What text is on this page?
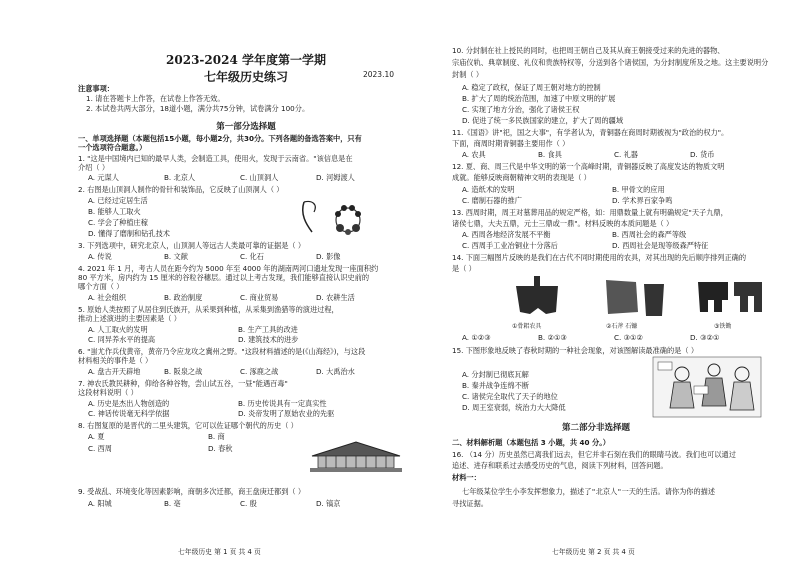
2023-2024 学年度第一学期
七年级历史练习	2023.10
注意事项：
1. 请在答题卡上作答，在试卷上作答无效。
2. 本试卷共两大部分，18道小题，满分共75分钟，试卷满分 100分。
第一部分选择题
一、单项选择题（本题包括15小题，每小题2分，共30分。下列各题的备选答案中，只有
一个选项符合题意。）
1. "这是中国境内已知的最早人类，会制造工具，使用火，发现于云南省。"该信息是在
介绍（ ）
A. 元谋人	B. 北京人	C. 山顶洞人	D. 河姆渡人
2. 右图是山顶洞人制作的骨针和装饰品，它反映了山顶洞人（ ）
A. 已经过定居生活
B. 能够人工取火
C. 学会了种植庄稼
D. 懂得了磨制和钻孔技术
3. 下列选项中，研究北京人，山顶洞人等远古人类最可靠的证据是（ ）
A. 传说	B. 文献	C. 化石	D. 影像
4. 2021 年 1 月，考古人员在距今约为 5000 年至 4000 年的湖南两河口遗址发现一座面积约
80 平方米，房内约为 15 厘米的谷粒谷穗层。通过以上考古发现，我们能够直接认识史前的
哪个方面（ ）
A. 社会组织	B. 政治制度	C. 商业贸易	D. 农耕生活
5. 原始人类按照了从居住到氏族开，从采果到种植，从采集到渔猎等的演进过程，
推动上述演进的主要因素是（ ）
A. 人工取火的发明	B. 生产工具的改进
C. 同异养水平的提高	D. 建筑技术的进步
6. "蚩尤作兵伐黄帝，黄帝乃令应龙攻之冀州之野。"这段材料描述的是(《山海经》)，与这段
材料相关的事件是（ ）
A. 盘古开天辟地	B. 阪泉之战	C. 涿鹿之战	D. 大禹治水
7. 神农氏教民耕种，仰给各种谷物，尝山试五谷，一昼"能遇百毒"
这段材料说明（ ）
A. 历史是杰出人物创造的	B. 历史传说具有一定真实性
C. 神话传说毫无科学依据	D. 炎帝发明了原始农业的先驱
8. 右图复原的是晋代的二里头建筑，它可以佐证哪个朝代的历史（ ）
A. 夏	B. 商
C. 西周	D. 春秋
9. 受战乱、环境变化等因素影响，商朝多次迁都，商王盘庚迁都到（ ）
A. 阳城	B. 亳	C. 殷	D. 镐京
七年级历史 第 1 页 共 4 页
10. 分封制在社上授民的同时，也把周王朝自己及其从商王朝接受过来的先进的器物、
宗庙仪轨、典章制度、礼仪和贵族特权等，分送到各个诸侯国，为分封制度所及之地。这主要说明分
封制（ ）
A. 稳定了政权，保证了周王朝对地方的控制
B. 扩大了周的统治范围，加速了中原文明的扩展
C. 实现了地方分治，强化了诸侯王权
D. 促进了统一多民族国家的建立，扩大了周的疆域
11.《国语》讲"祀，国之大事"，有学者认为，青铜器在商周时期被视为"政治的权力"。
下面，商周时期青铜器主要用作（ ）
A. 农具	B. 食具	C. 礼器	D. 货币
12. 夏、商、周三代是中华文明的第一个高峰时期，青铜器反映了高度发达的物质文明
成就。能够反映商朝精神文明的表现是（ ）
A. 造纸术的发明	B. 甲骨文的应用
C. 磨制石器的推广	D. 学术界百家争鸣
13. 西周时期，周王对墓葬用品的规定严格，如：用鼎数量上就有明确规定"天子九鼎，
诸侯七鼎，大夫五鼎，元士三鼎或一鼎"。材料反映的本质问题是（ ）
A. 西周各地经济发展不平衡	B. 西周社会的森严等级
C. 西周手工业冶铜业十分落后	D. 西周社会是现等级森严特征
14. 下面三幅图片反映的是我们在古代不同时期使用的农具，对其出现的先后顺序排列正确的
是（ ）
①骨耜农具	②石斧 石镰	③铁锄
A. ①②③	B. ②①③	C. ③①②	D. ③②①
15. 下图形象地反映了春秋时期的一种社会现象，对该图解读最准确的是（ ）
A. 分封制已彻底瓦解
B. 秦并战争连绵不断
C. 诸侯完全取代了天子的地位
D. 周王室衰弱，统治力大大降低
第二部分非选择题
二、材料解析题（本题包括 3 小题，共 40 分。）
16. （14 分）历史虽然已离我们远去，但它并非石刻在我们的眼睛马波。我们也可以通过
追述、进存和联系过去感受历史的气息，阅读下列材料，回答问题。
材料一：
七年级某位学生小李发挥想象力，描述了"北京人"一天的生活。请你为你的描述
寻找证据。
七年级历史 第 2 页 共 4 页
